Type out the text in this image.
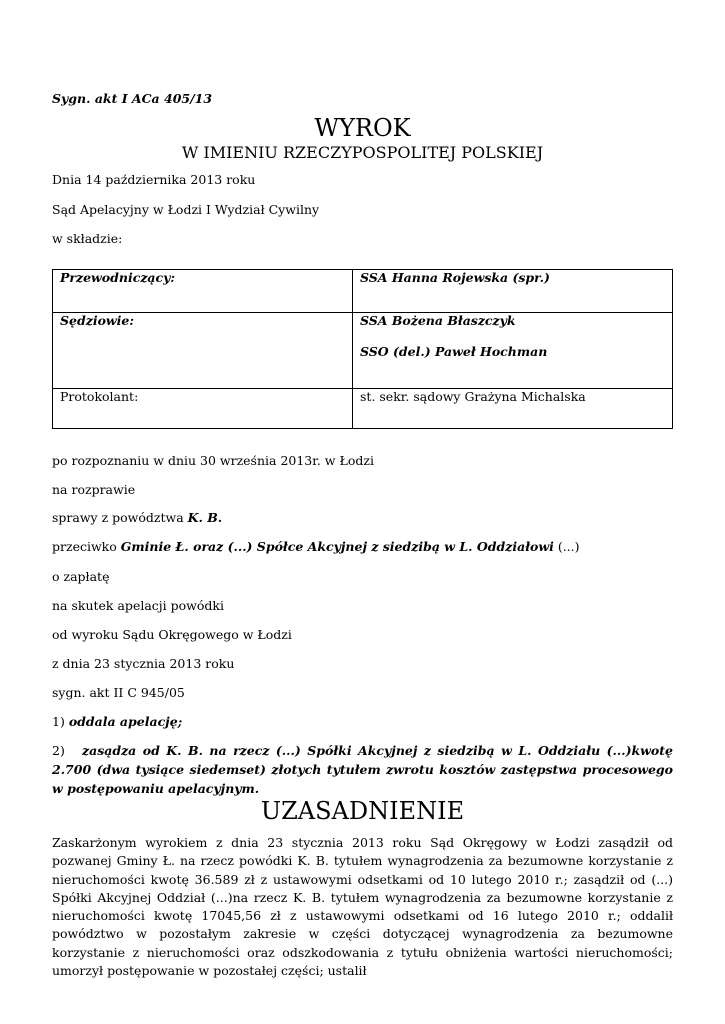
Sygn. akt I ACa 405/13
WYROK
W IMIENIU RZECZYPOSPOLITEJ POLSKIEJ
Dnia 14 października 2013 roku
Sąd Apelacyjny w Łodzi I Wydział Cywilny
w składzie:
Przewodniczący:	SSA Hanna Rojewska (spr.)
Sędziowie:	SSA Bożena Błaszczyk
SSO (del.) Paweł Hochman

Protokolant:	st. sekr. sądowy Grażyna Michalska
po rozpoznaniu w dniu 30 września 2013r. w Łodzi
na rozprawie
sprawy z powództwa K. B.
przeciwko Gminie Ł. oraz (...) Spółce Akcyjnej z siedzibą w L. Oddziałowi (...)
o zapłatę
na skutek apelacji powódki
od wyroku Sądu Okręgowego w Łodzi
z dnia 23 stycznia 2013 roku
sygn. akt II C 945/05
1) oddala apelację;
2) zasądza od K. B. na rzecz (...) Spółki Akcyjnej z siedzibą w L. Oddziału (...)kwotę 2.700 (dwa tysiące siedemset) złotych tytułem zwrotu kosztów zastępstwa procesowego w postępowaniu apelacyjnym.
UZASADNIENIE
Zaskarżonym wyrokiem z dnia 23 stycznia 2013 roku Sąd Okręgowy w Łodzi zasądził od pozwanej Gminy Ł. na rzecz powódki K. B. tytułem wynagrodzenia za bezumowne korzystanie z nieruchomości kwotę 36.589 zł z ustawowymi odsetkami od 10 lutego 2010 r.; zasądził od (...) Spółki Akcyjnej Oddział (...)na rzecz K. B. tytułem wynagrodzenia za bezumowne korzystanie z nieruchomości kwotę 17045,56 zł z ustawowymi odsetkami od 16 lutego 2010 r.; oddalił powództwo w pozostałym zakresie w części dotyczącej wynagrodzenia za bezumowne korzystanie z nieruchomości oraz odszkodowania z tytułu obniżenia wartości nieruchomości; umorzył postępowanie w pozostałej części; ustalił
